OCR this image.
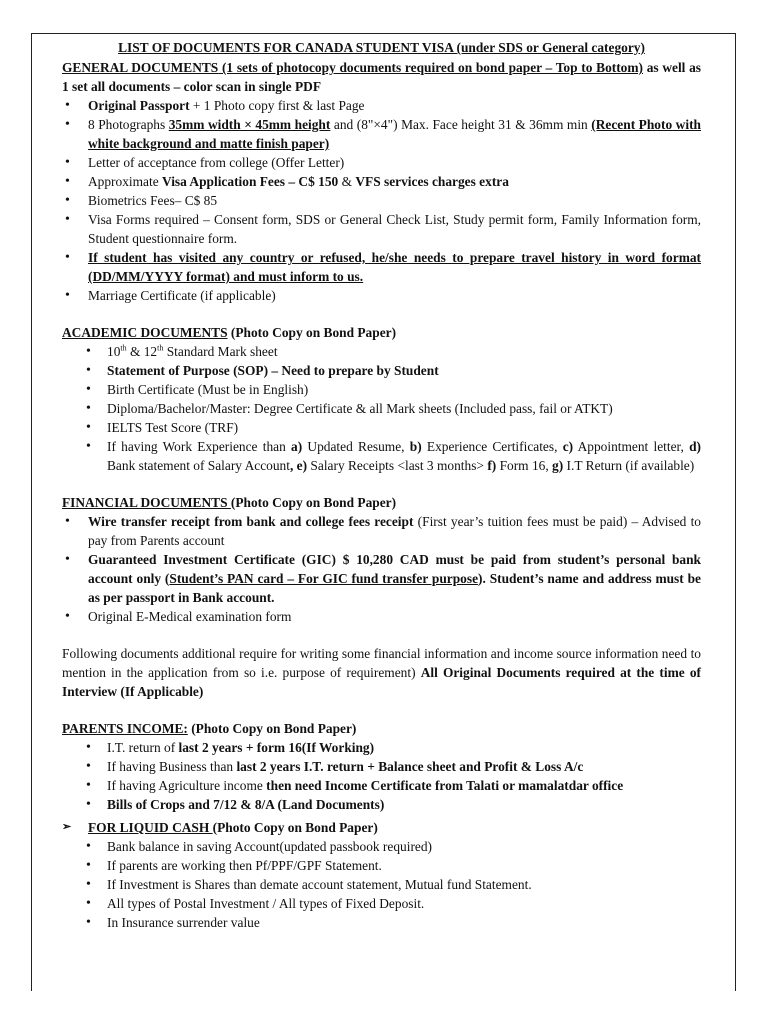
LIST OF DOCUMENTS FOR CANADA STUDENT VISA (under SDS or General category)

GENERAL DOCUMENTS (1 sets of photocopy documents required on bond paper – Top to Bottom) as well as 1 set all documents – color scan in single PDF

• Original Passport + 1 Photo copy first & last Page
• 8 Photographs 35mm width × 45mm height and (8"×4") Max. Face height 31 & 36mm min (Recent Photo with white background and matte finish paper)
• Letter of acceptance from college (Offer Letter)
• Approximate Visa Application Fees – C$ 150 & VFS services charges extra
• Biometrics Fees– C$ 85
• Visa Forms required – Consent form, SDS or General Check List, Study permit form, Family Information form, Student questionnaire form.
• If student has visited any country or refused, he/she needs to prepare travel history in word format (DD/MM/YYYY format) and must inform to us.
• Marriage Certificate (if applicable)

ACADEMIC DOCUMENTS (Photo Copy on Bond Paper)

• 10th & 12th Standard Mark sheet
• Statement of Purpose (SOP) – Need to prepare by Student
• Birth Certificate (Must be in English)
• Diploma/Bachelor/Master: Degree Certificate & all Mark sheets (Included pass, fail or ATKT)
• IELTS Test Score (TRF)
• If having Work Experience than a) Updated Resume, b) Experience Certificates, c) Appointment letter, d) Bank statement of Salary Account, e) Salary Receipts <last 3 months> f) Form 16, g) I.T Return (if available)

FINANCIAL DOCUMENTS (Photo Copy on Bond Paper)

• Wire transfer receipt from bank and college fees receipt (First year’s tuition fees must be paid) – Advised to pay from Parents account
• Guaranteed Investment Certificate (GIC) $ 10,280 CAD must be paid from student’s personal bank account only (Student’s PAN card – For GIC fund transfer purpose). Student’s name and address must be as per passport in Bank account.
• Original E-Medical examination form

Following documents additional require for writing some financial information and income source information need to mention in the application from so i.e. purpose of requirement) All Original Documents required at the time of Interview (If Applicable)

PARENTS INCOME: (Photo Copy on Bond Paper)

• I.T. return of last 2 years + form 16(If Working)
• If having Business than last 2 years I.T. return + Balance sheet and Profit & Loss A/c
• If having Agriculture income then need Income Certificate from Talati or mamalatdar office
• Bills of Crops and 7/12 & 8/A (Land Documents)

➢ FOR LIQUID CASH (Photo Copy on Bond Paper)

• Bank balance in saving Account(updated passbook required)
• If parents are working then Pf/PPF/GPF Statement.
• If Investment is Shares than demate account statement, Mutual fund Statement.
• All types of Postal Investment / All types of Fixed Deposit.
• In Insurance surrender value
